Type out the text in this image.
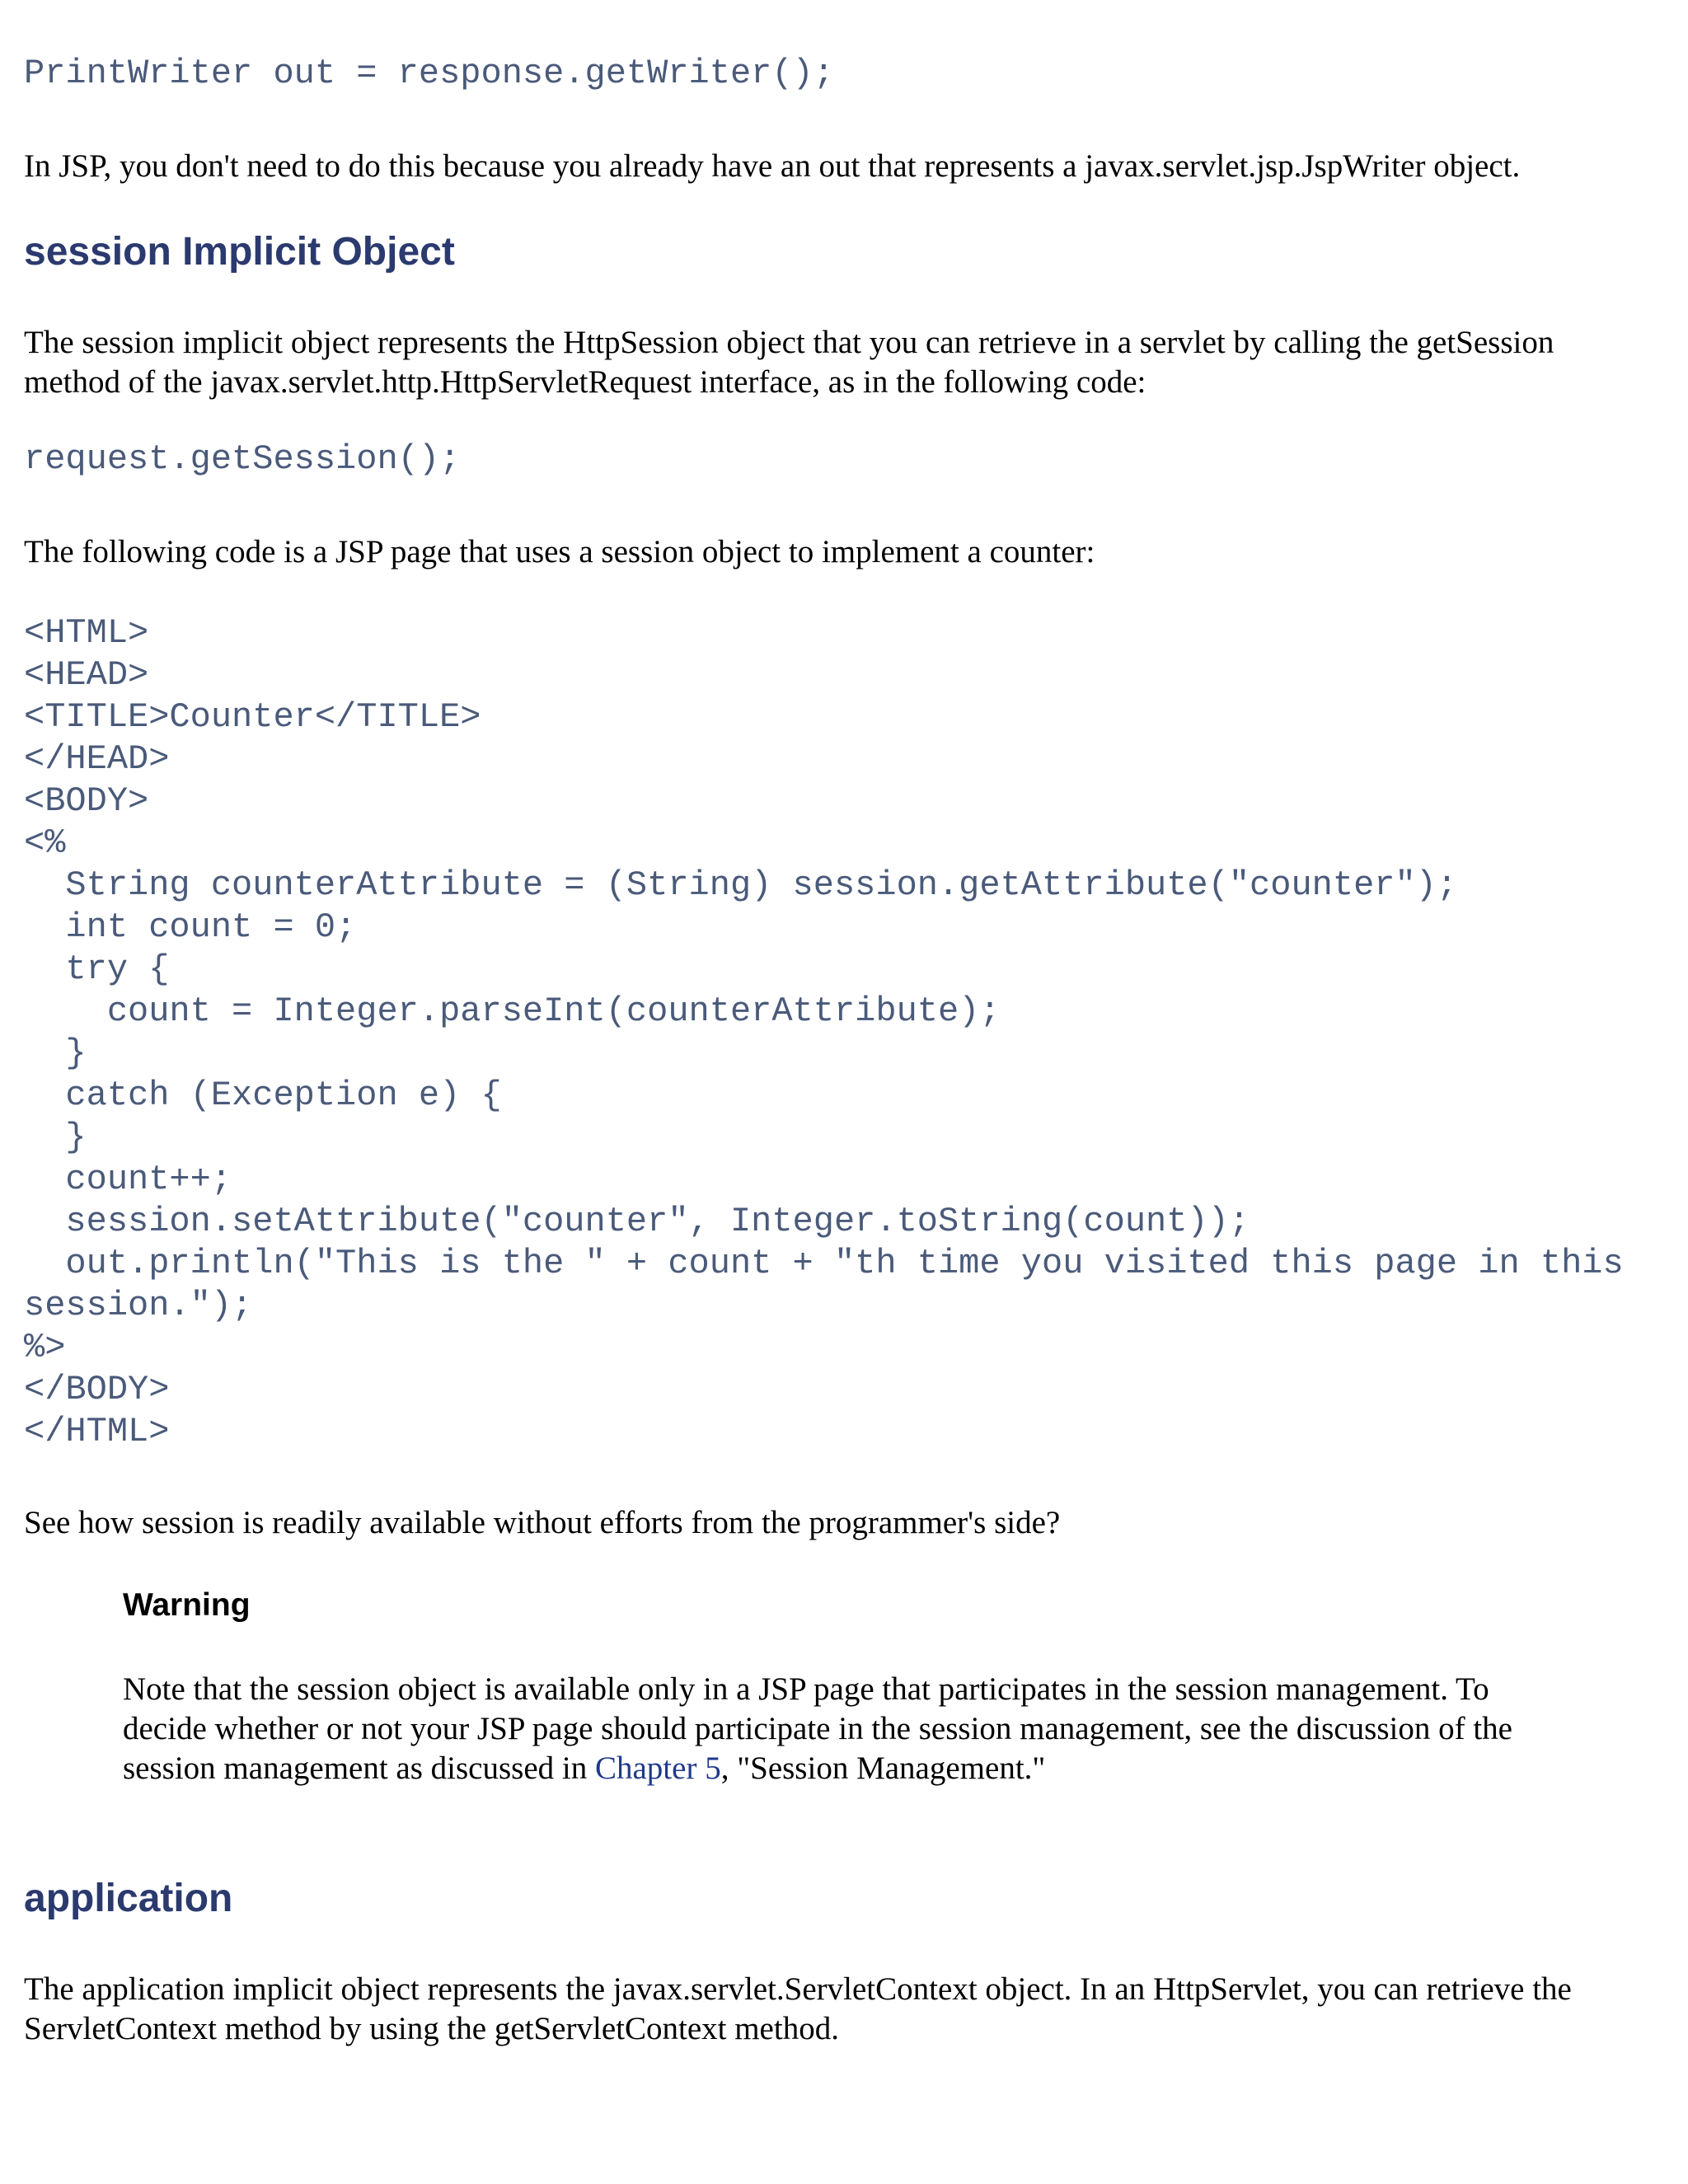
PrintWriter out = response.getWriter();

In JSP, you don't need to do this because you already have an out that represents a javax.servlet.jsp.JspWriter object.

session Implicit Object

The session implicit object represents the HttpSession object that you can retrieve in a servlet by calling the getSession method of the javax.servlet.http.HttpServletRequest interface, as in the following code:

request.getSession();

The following code is a JSP page that uses a session object to implement a counter:

<HTML>
<HEAD>
<TITLE>Counter</TITLE>
</HEAD>
<BODY>
<%
String counterAttribute = (String) session.getAttribute("counter");
int count = 0;
try {
count = Integer.parseInt(counterAttribute);
}
catch (Exception e) {
}
count++;
session.setAttribute("counter", Integer.toString(count));
out.println("This is the " + count + "th time you visited this page in this
session.");
%>
</BODY>
</HTML>

See how session is readily available without efforts from the programmer's side?

Warning

Note that the session object is available only in a JSP page that participates in the session management. To decide whether or not your JSP page should participate in the session management, see the discussion of the session management as discussed in Chapter 5, "Session Management."

application

The application implicit object represents the javax.servlet.ServletContext object. In an HttpServlet, you can retrieve the ServletContext method by using the getServletContext method.
